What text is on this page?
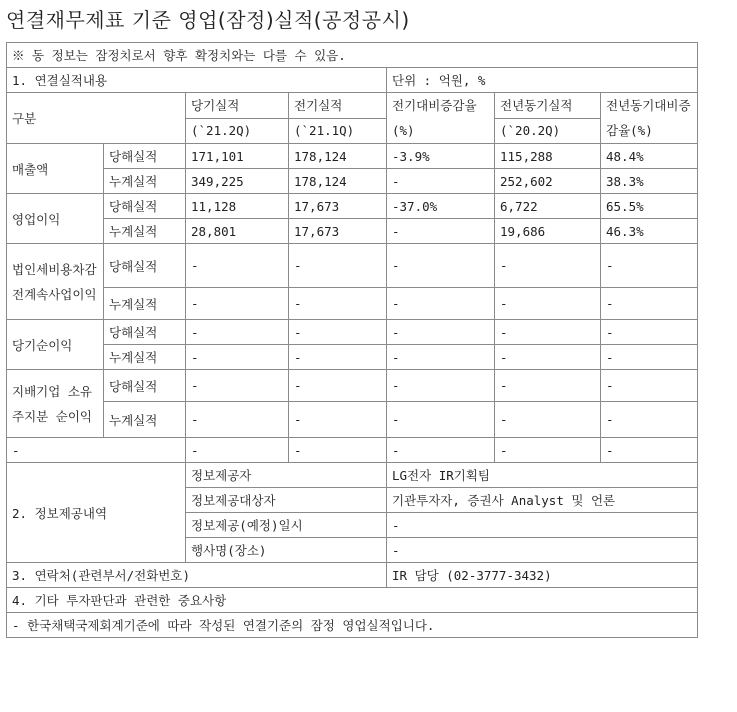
연결재무제표 기준 영업(잠정)실적(공정공시)
※ 동 정보는 잠정치로서 향후 확정치와는 다를 수 있음.						
1. 연결실적내용				단위 : 억원, %		
구분		당기실적	전기실적	전기대비증감율(%)	전년동기실적	전년동기대비증감율(%)
		(`21.2Q)	(`21.1Q)		(`20.2Q)	
매출액	당해실적	171,101	178,124	-3.9%	115,288	48.4%
	누계실적	349,225	178,124	-	252,602	38.3%
영업이익	당해실적	11,128	17,673	-37.0%	6,722	65.5%
	누계실적	28,801	17,673	-	19,686	46.3%
법인세비용차감전계속사업이익	당해실적	-	-	-	-	-
	누계실적	-	-	-	-	-
당기순이익	당해실적	-	-	-	-	-
	누계실적	-	-	-	-	-
지배기업 소유주지분 순이익	당해실적	-	-	-	-	-
	누계실적	-	-	-	-	-
-		-	-	-	-	-
2. 정보제공내역		정보제공자		LG전자 IR기획팀		
		정보제공대상자		기관투자자, 증권사 Analyst 및 언론		
		정보제공(예정)일시		-		
		행사명(장소)		-		
3. 연락처(관련부서/전화번호)				IR 담당 (02-3777-3432)		
4. 기타 투자판단과 관련한 중요사항						
- 한국채택국제회계기준에 따라 작성된 연결기준의 잠정 영업실적입니다.						
